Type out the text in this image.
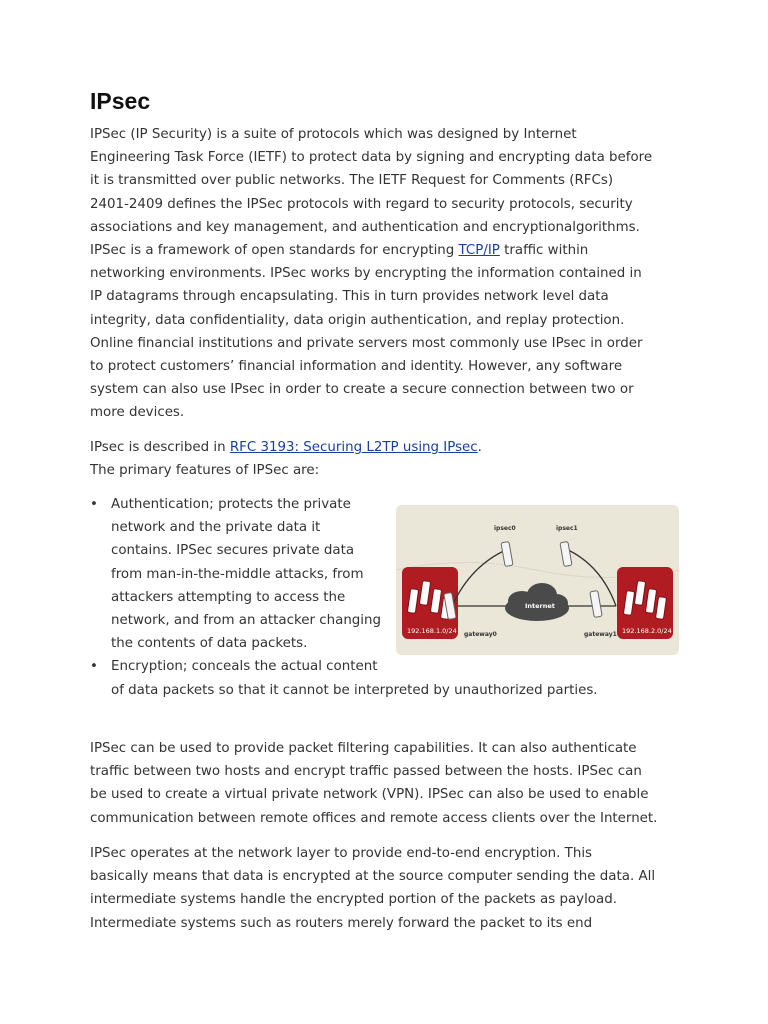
IPsec

IPSec (IP Security) is a suite of protocols which was designed by Internet
Engineering Task Force (IETF) to protect data by signing and encrypting data before
it is transmitted over public networks. The IETF Request for Comments (RFCs)
2401-2409 defines the IPSec protocols with regard to security protocols, security
associations and key management, and authentication and encryptionalgorithms.
IPSec is a framework of open standards for encrypting TCP/IP traffic within
networking environments. IPSec works by encrypting the information contained in
IP datagrams through encapsulating. This in turn provides network level data
integrity, data confidentiality, data origin authentication, and replay protection.
Online financial institutions and private servers most commonly use IPsec in order
to protect customers’ financial information and identity. However, any software
system can also use IPsec in order to create a secure connection between two or
more devices.

IPsec is described in RFC 3193: Securing L2TP using IPsec.
The primary features of IPSec are:

• Authentication; protects the private
network and the private data it
contains. IPSec secures private data
from man-in-the-middle attacks, from
attackers attempting to access the
network, and from an attacker changing
the contents of data packets.
• Encryption; conceals the actual content
of data packets so that it cannot be interpreted by unauthorized parties.
192.168.1.0/24	192.168.2.0/24
Internet
ipsec0	ipsec1
gateway0	gateway1

IPSec can be used to provide packet filtering capabilities. It can also authenticate
traffic between two hosts and encrypt traffic passed between the hosts. IPSec can
be used to create a virtual private network (VPN). IPSec can also be used to enable
communication between remote offices and remote access clients over the Internet.

IPSec operates at the network layer to provide end-to-end encryption. This
basically means that data is encrypted at the source computer sending the data. All
intermediate systems handle the encrypted portion of the packets as payload.
Intermediate systems such as routers merely forward the packet to its end
